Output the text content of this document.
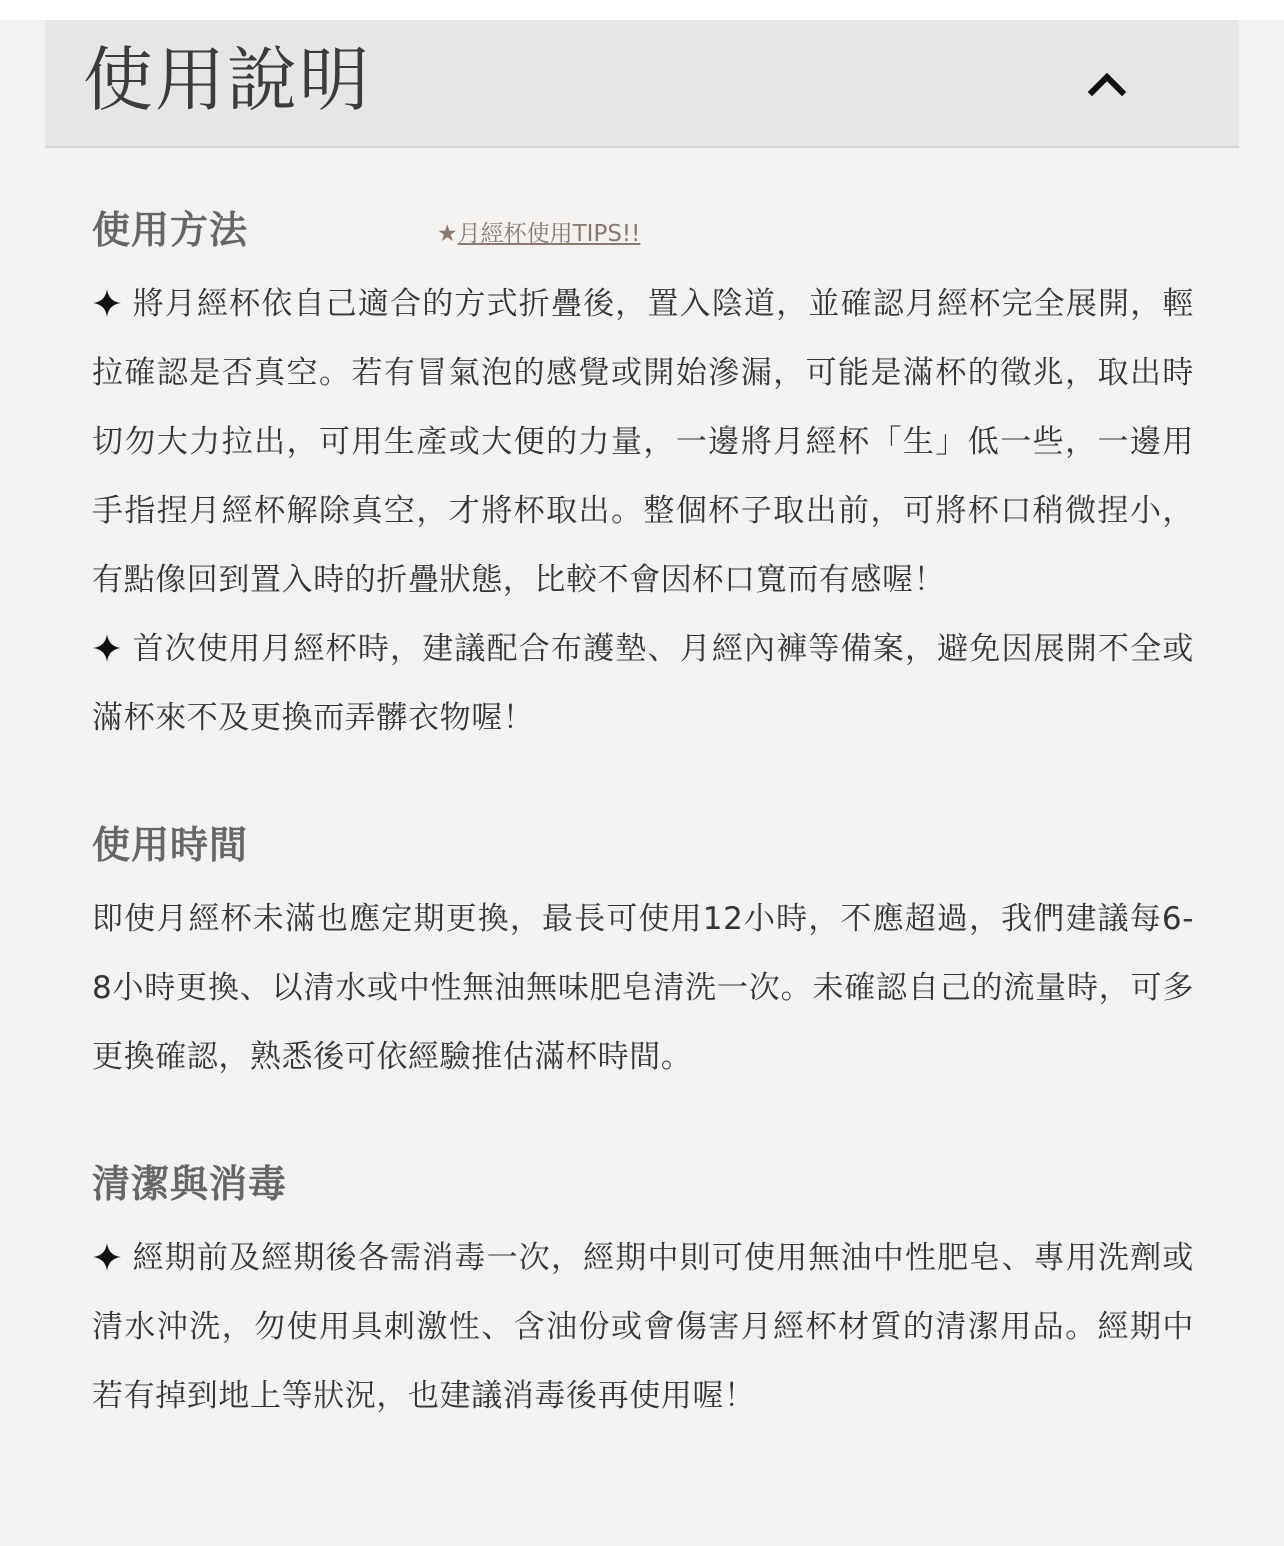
使用說明
使用方法	★月經杯使用TIPS!!

將月經杯依自己適合的方式折疊後，置入陰道，並確認月經杯完全展開，輕拉確認是否真空。若有冒氣泡的感覺或開始滲漏，可能是滿杯的徵兆，取出時切勿大力拉出，可用生產或大便的力量，一邊將月經杯「生」低一些，一邊用手指捏月經杯解除真空，才將杯取出。整個杯子取出前，可將杯口稍微捏小，有點像回到置入時的折疊狀態，比較不會因杯口寬而有感喔！

首次使用月經杯時，建議配合布護墊、月經內褲等備案，避免因展開不全或滿杯來不及更換而弄髒衣物喔！

使用時間

即使月經杯未滿也應定期更換，最長可使用12小時，不應超過，我們建議每6-8小時更換、以清水或中性無油無味肥皂清洗一次。未確認自己的流量時，可多更換確認，熟悉後可依經驗推估滿杯時間。

清潔與消毒

經期前及經期後各需消毒一次，經期中則可使用無油中性肥皂、專用洗劑或清水沖洗，勿使用具刺激性、含油份或會傷害月經杯材質的清潔用品。經期中若有掉到地上等狀況，也建議消毒後再使用喔！
